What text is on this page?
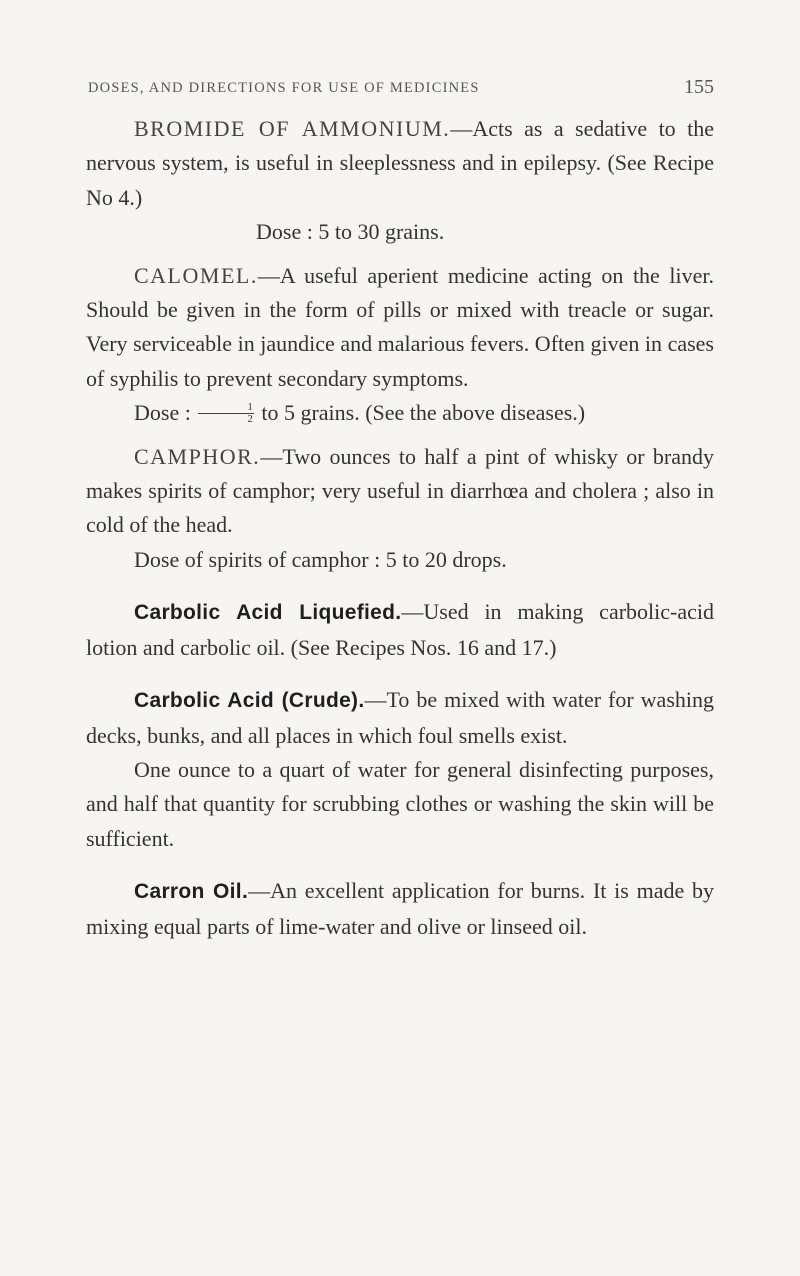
DOSES, AND DIRECTIONS FOR USE OF MEDICINES	155

BROMIDE OF AMMONIUM.—Acts as a sedative to the nervous system, is useful in sleeplessness and in epilepsy. (See Recipe No 4.)

Dose : 5 to 30 grains.

CALOMEL.—A useful aperient medicine acting on the liver. Should be given in the form of pills or mixed with treacle or sugar. Very serviceable in jaundice and malarious fevers. Often given in cases of syphilis to prevent secondary symptoms.

Dose : $\frac{1}{2}$ to 5 grains. (See the above diseases.)

CAMPHOR.—Two ounces to half a pint of whisky or brandy makes spirits of camphor; very useful in diarrhœa and cholera ; also in cold of the head.

Dose of spirits of camphor : 5 to 20 drops.

Carbolic Acid Liquefied.—Used in making carbolic-acid lotion and carbolic oil. (See Recipes Nos. 16 and 17.)

Carbolic Acid (Crude).—To be mixed with water for washing decks, bunks, and all places in which foul smells exist.

One ounce to a quart of water for general disinfecting purposes, and half that quantity for scrubbing clothes or washing the skin will be sufficient.

Carron Oil.—An excellent application for burns. It is made by mixing equal parts of lime-water and olive or linseed oil.
